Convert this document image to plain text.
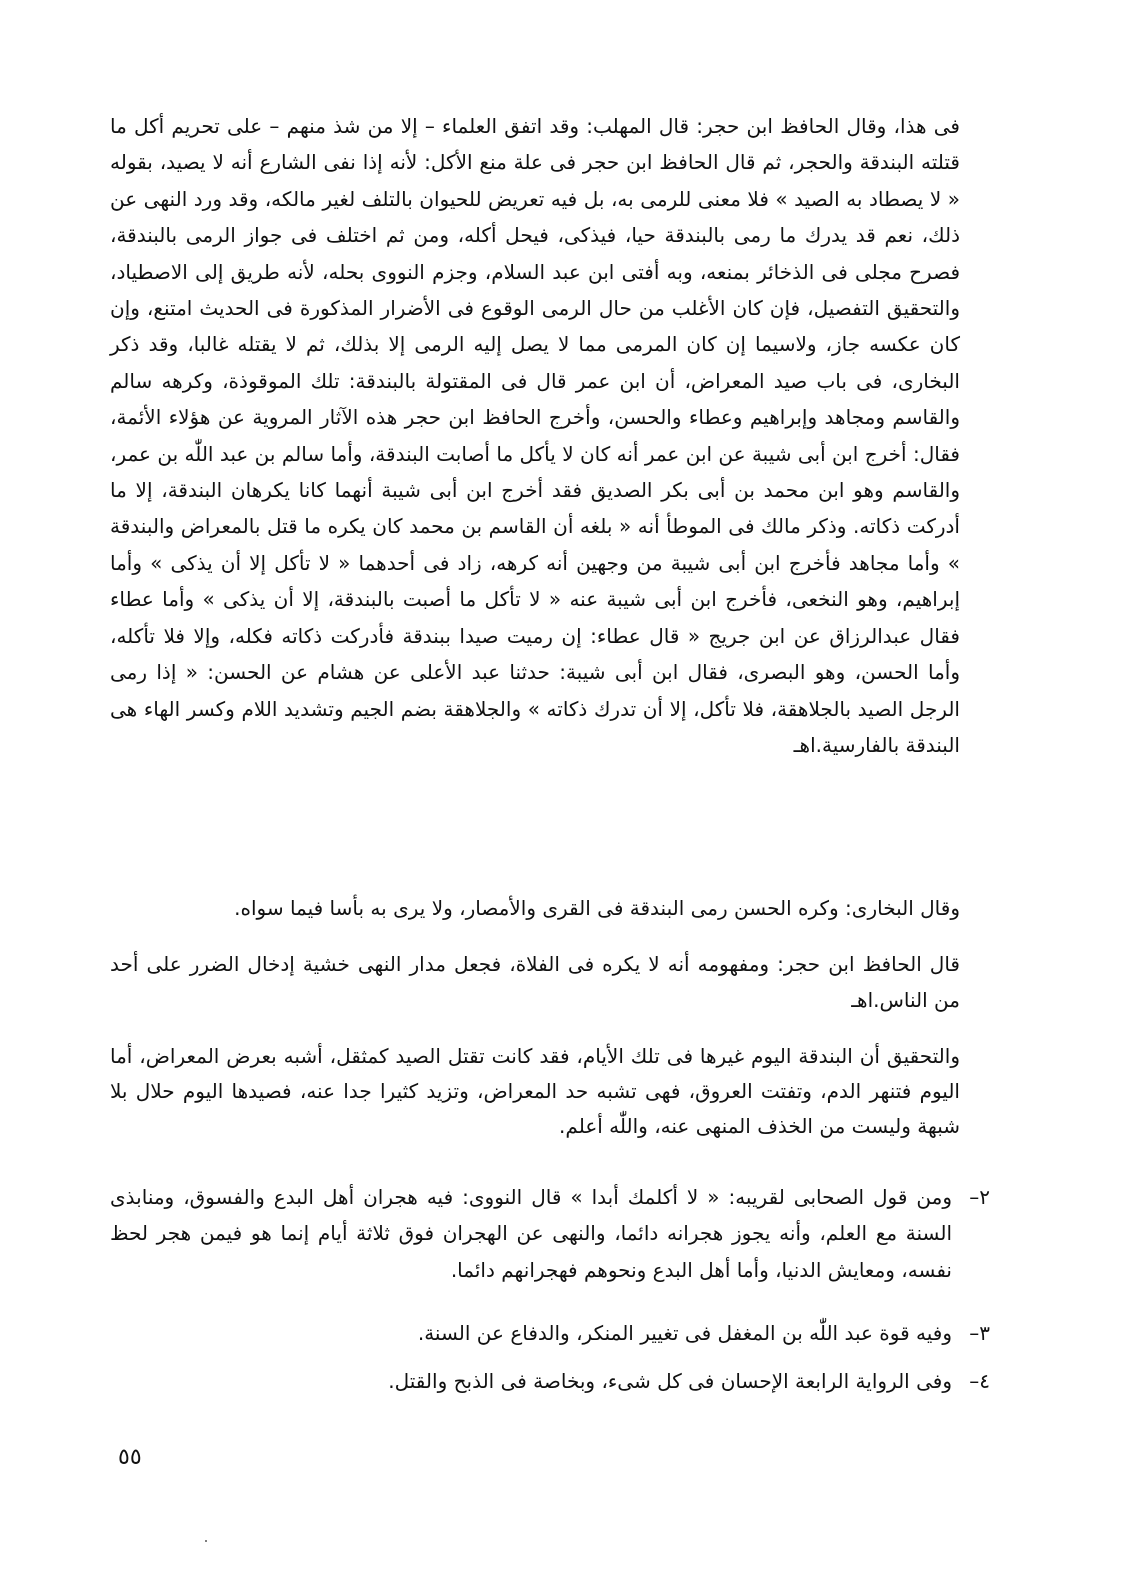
فى هذا، وقال الحافظ ابن حجر: قال المهلب: وقد اتفق العلماء – إلا من شذ منهم – على تحريم أكل ما قتلته البندقة والحجر، ثم قال الحافظ ابن حجر فى علة منع الأكل: لأنه إذا نفى الشارع أنه لا يصيد، بقوله « لا يصطاد به الصيد » فلا معنى للرمى به، بل فيه تعريض للحيوان بالتلف لغير مالكه، وقد ورد النهى عن ذلك، نعم قد يدرك ما رمى بالبندقة حيا، فيذكى، فيحل أكله، ومن ثم اختلف فى جواز الرمى بالبندقة، فصرح مجلى فى الذخائر بمنعه، وبه أفتى ابن عبد السلام، وجزم النووى بحله، لأنه طريق إلى الاصطياد، والتحقيق التفصيل، فإن كان الأغلب من حال الرمى الوقوع فى الأضرار المذكورة فى الحديث امتنع، وإن كان عكسه جاز، ولاسيما إن كان المرمى مما لا يصل إليه الرمى إلا بذلك، ثم لا يقتله غالبا، وقد ذكر البخارى، فى باب صيد المعراض، أن ابن عمر قال فى المقتولة بالبندقة: تلك الموقوذة، وكرهه سالم والقاسم ومجاهد وإبراهيم وعطاء والحسن، وأخرج الحافظ ابن حجر هذه الآثار المروية عن هؤلاء الأئمة، فقال: أخرج ابن أبى شيبة عن ابن عمر أنه كان لا يأكل ما أصابت البندقة، وأما سالم بن عبد اللّٰه بن عمر، والقاسم وهو ابن محمد بن أبى بكر الصديق فقد أخرج ابن أبى شيبة أنهما كانا يكرهان البندقة، إلا ما أدركت ذكاته. وذكر مالك فى الموطأ أنه « بلغه أن القاسم بن محمد كان يكره ما قتل بالمعراض والبندقة » وأما مجاهد فأخرج ابن أبى شيبة من وجهين أنه كرهه، زاد فى أحدهما « لا تأكل إلا أن يذكى » وأما إبراهيم، وهو النخعى، فأخرج ابن أبى شيبة عنه « لا تأكل ما أصبت بالبندقة، إلا أن يذكى » وأما عطاء فقال عبدالرزاق عن ابن جريج « قال عطاء: إن رميت صيدا ببندقة فأدركت ذكاته فكله، وإلا فلا تأكله، وأما الحسن، وهو البصرى، فقال ابن أبى شيبة: حدثنا عبد الأعلى عن هشام عن الحسن: « إذا رمى الرجل الصيد بالجلاهقة، فلا تأكل، إلا أن تدرك ذكاته » والجلاهقة بضم الجيم وتشديد اللام وكسر الهاء هى البندقة بالفارسية.اهـ

وقال البخارى: وكره الحسن رمى البندقة فى القرى والأمصار، ولا يرى به بأسا فيما سواه.

قال الحافظ ابن حجر: ومفهومه أنه لا يكره فى الفلاة، فجعل مدار النهى خشية إدخال الضرر على أحد من الناس.اهـ

والتحقيق أن البندقة اليوم غيرها فى تلك الأيام، فقد كانت تقتل الصيد كمثقل، أشبه بعرض المعراض، أما اليوم فتنهر الدم، وتفتت العروق، فهى تشبه حد المعراض، وتزيد كثيرا جدا عنه، فصيدها اليوم حلال بلا شبهة وليست من الخذف المنهى عنه، واللّٰه أعلم.

٢–
ومن قول الصحابى لقريبه: « لا أكلمك أبدا » قال النووى: فيه هجران أهل البدع والفسوق، ومنابذى السنة مع العلم، وأنه يجوز هجرانه دائما، والنهى عن الهجران فوق ثلاثة أيام إنما هو فيمن هجر لحظ نفسه، ومعايش الدنيا، وأما أهل البدع ونحوهم فهجرانهم دائما.
٣–
وفيه قوة عبد اللّٰه بن المغفل فى تغيير المنكر، والدفاع عن السنة.
٤–
وفى الرواية الرابعة الإحسان فى كل شىء، وبخاصة فى الذبح والقتل.
٥٥
